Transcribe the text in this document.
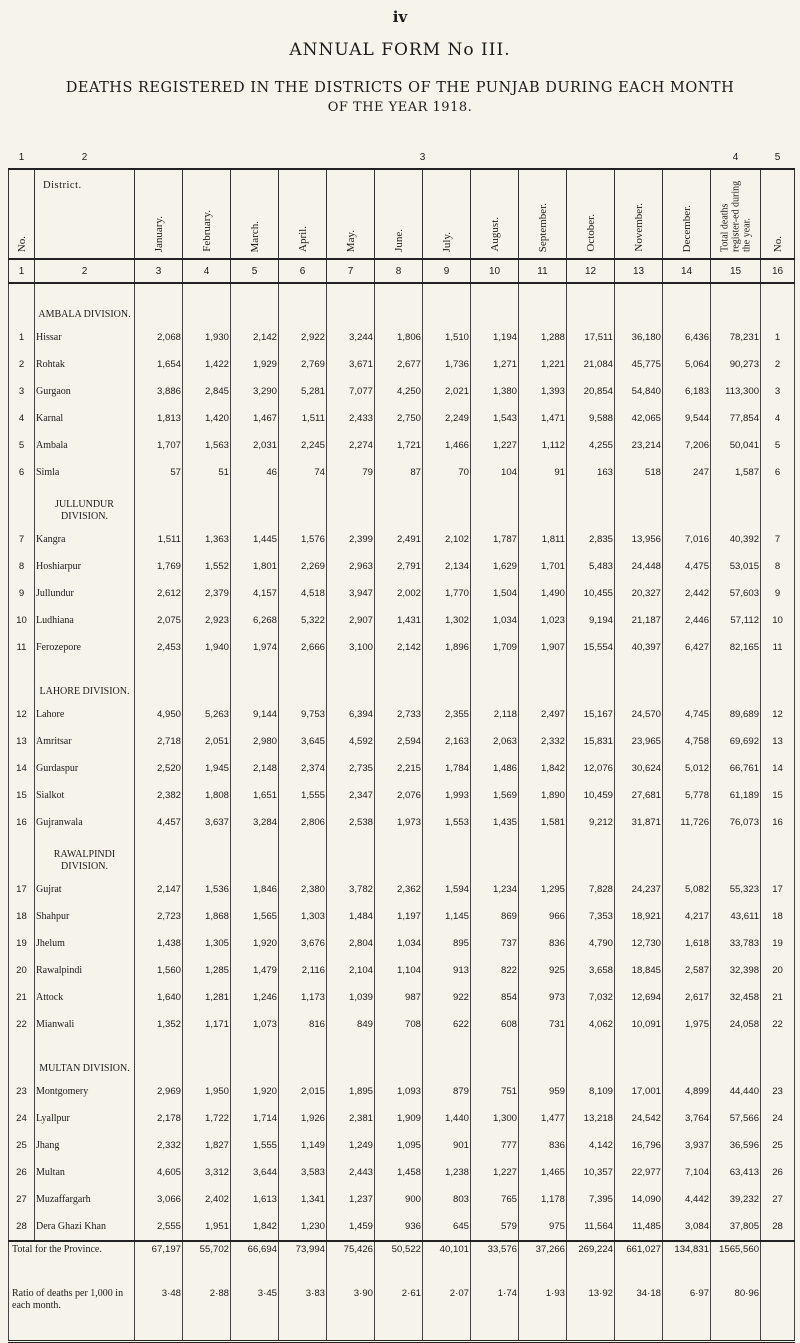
iv
ANNUAL FORM No III.
DEATHS REGISTERED IN THE DISTRICTS OF THE PUNJAB DURING EACH MONTH
OF THE YEAR 1918.
1	2	3												4	5

No.	District.	January.	February.	March.	April.	May.	June.	July.	August.	September.	October.	November.	December.	Total deaths register-ed during the year.	No.

1	2	3	4	5	6	7	8	9	10	11	12	13	14	15	16

	AMBALA DIVISION.														

1	Hissar	2,068	1,930	2,142	2,922	3,244	1,806	1,510	1,194	1,288	17,511	36,180	6,436	78,231	1
2	Rohtak	1,654	1,422	1,929	2,769	3,671	2,677	1,736	1,271	1,221	21,084	45,775	5,064	90,273	2
3	Gurgaon	3,886	2,845	3,290	5,281	7,077	4,250	2,021	1,380	1,393	20,854	54,840	6,183	113,300	3
4	Karnal	1,813	1,420	1,467	1,511	2,433	2,750	2,249	1,543	1,471	9,588	42,065	9,544	77,854	4
5	Ambala	1,707	1,563	2,031	2,245	2,274	1,721	1,466	1,227	1,112	4,255	23,214	7,206	50,041	5
6	Simla	57	51	46	74	79	87	70	104	91	163	518	247	1,587	6

	JULLUNDUR DIVISION.														

7	Kangra	1,511	1,363	1,445	1,576	2,399	2,491	2,102	1,787	1,811	2,835	13,956	7,016	40,392	7
8	Hoshiarpur	1,769	1,552	1,801	2,269	2,963	2,791	2,134	1,629	1,701	5,483	24,448	4,475	53,015	8
9	Jullundur	2,612	2,379	4,157	4,518	3,947	2,002	1,770	1,504	1,490	10,455	20,327	2,442	57,603	9
10	Ludhiana	2,075	2,923	6,268	5,322	2,907	1,431	1,302	1,034	1,023	9,194	21,187	2,446	57,112	10
11	Ferozepore	2,453	1,940	1,974	2,666	3,100	2,142	1,896	1,709	1,907	15,554	40,397	6,427	82,165	11

	LAHORE DIVISION.														

12	Lahore	4,950	5,263	9,144	9,753	6,394	2,733	2,355	2,118	2,497	15,167	24,570	4,745	89,689	12
13	Amritsar	2,718	2,051	2,980	3,645	4,592	2,594	2,163	2,063	2,332	15,831	23,965	4,758	69,692	13
14	Gurdaspur	2,520	1,945	2,148	2,374	2,735	2,215	1,784	1,486	1,842	12,076	30,624	5,012	66,761	14
15	Sialkot	2,382	1,808	1,651	1,555	2,347	2,076	1,993	1,569	1,890	10,459	27,681	5,778	61,189	15
16	Gujranwala	4,457	3,637	3,284	2,806	2,538	1,973	1,553	1,435	1,581	9,212	31,871	11,726	76,073	16

	RAWALPINDI DIVISION.														

17	Gujrat	2,147	1,536	1,846	2,380	3,782	2,362	1,594	1,234	1,295	7,828	24,237	5,082	55,323	17
18	Shahpur	2,723	1,868	1,565	1,303	1,484	1,197	1,145	869	966	7,353	18,921	4,217	43,611	18
19	Jhelum	1,438	1,305	1,920	3,676	2,804	1,034	895	737	836	4,790	12,730	1,618	33,783	19
20	Rawalpindi	1,560	1,285	1,479	2,116	2,104	1,104	913	822	925	3,658	18,845	2,587	32,398	20
21	Attock	1,640	1,281	1,246	1,173	1,039	987	922	854	973	7,032	12,694	2,617	32,458	21
22	Mianwali	1,352	1,171	1,073	816	849	708	622	608	731	4,062	10,091	1,975	24,058	22

	MULTAN DIVISION.														

23	Montgomery	2,969	1,950	1,920	2,015	1,895	1,093	879	751	959	8,109	17,001	4,899	44,440	23
24	Lyallpur	2,178	1,722	1,714	1,926	2,381	1,909	1,440	1,300	1,477	13,218	24,542	3,764	57,566	24
25	Jhang	2,332	1,827	1,555	1,149	1,249	1,095	901	777	836	4,142	16,796	3,937	36,596	25
26	Multan	4,605	3,312	3,644	3,583	2,443	1,458	1,238	1,227	1,465	10,357	22,977	7,104	63,413	26
27	Muzaffargarh	3,066	2,402	1,613	1,341	1,237	900	803	765	1,178	7,395	14,090	4,442	39,232	27
28	Dera Ghazi Khan	2,555	1,951	1,842	1,230	1,459	936	645	579	975	11,564	11,485	3,084	37,805	28

Total for the Province.		67,197	55,702	66,694	73,994	75,426	50,522	40,101	33,576	37,266	269,224	661,027	134,831	1565,560	

Ratio of deaths per 1,000 in each month.		3·48	2·88	3·45	3·83	3·90	2·61	2·07	1·74	1·93	13·92	34·18	6·97	80·96	
